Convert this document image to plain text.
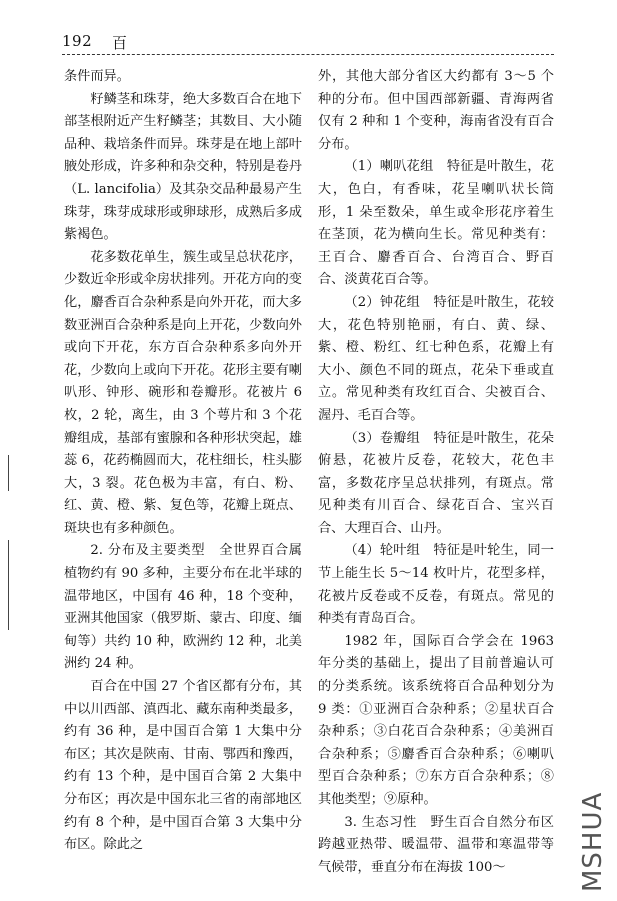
192 百

条件而异。

籽鳞茎和珠芽，绝大多数百合在地下部茎根附近产生籽鳞茎；其数目、大小随品种、栽培条件而异。珠芽是在地上部叶腋处形成，许多种和杂交种，特别是卷丹（L. lancifolia）及其杂交品种最易产生珠芽，珠芽成球形或卵球形，成熟后多成紫褐色。

花多数花单生，簇生或呈总状花序，少数近伞形或伞房状排列。开花方向的变化，麝香百合杂种系是向外开花，而大多数亚洲百合杂种系是向上开花，少数向外或向下开花，东方百合杂种系多向外开花，少数向上或向下开花。花形主要有喇叭形、钟形、碗形和卷瓣形。花被片 6 枚，2 轮，离生，由 3 个萼片和 3 个花瓣组成，基部有蜜腺和各种形状突起，雄蕊 6，花药椭圆而大，花柱细长，柱头膨大，3 裂。花色极为丰富，有白、粉、红、黄、橙、紫、复色等，花瓣上斑点、斑块也有多种颜色。

2. 分布及主要类型　全世界百合属植物约有 90 多种，主要分布在北半球的温带地区，中国有 46 种，18 个变种，亚洲其他国家（俄罗斯、蒙古、印度、缅甸等）共约 10 种，欧洲约 12 种，北美洲约 24 种。

百合在中国 27 个省区都有分布，其中以川西部、滇西北、藏东南种类最多，约有 36 种，是中国百合第 1 大集中分布区；其次是陕南、甘南、鄂西和豫西，约有 13 个种，是中国百合第 2 大集中分布区；再次是中国东北三省的南部地区约有 8 个种，是中国百合第 3 大集中分布区。除此之

外，其他大部分省区大约都有 3～5 个种的分布。但中国西部新疆、青海两省仅有 2 种和 1 个变种，海南省没有百合分布。

（1）喇叭花组　特征是叶散生，花大，色白，有香味，花呈喇叭状长筒形，1 朵至数朵，单生或伞形花序着生在茎顶，花为横向生长。常见种类有：王百合、麝香百合、台湾百合、野百合、淡黄花百合等。

（2）钟花组　特征是叶散生，花较大，花色特别艳丽，有白、黄、绿、紫、橙、粉红、红七种色系，花瓣上有大小、颜色不同的斑点，花朵下垂或直立。常见种类有玫红百合、尖被百合、渥丹、毛百合等。

（3）卷瓣组　特征是叶散生，花朵俯悬，花被片反卷，花较大，花色丰富，多数花序呈总状排列，有斑点。常见种类有川百合、绿花百合、宝兴百合、大理百合、山丹。

（4）轮叶组　特征是叶轮生，同一节上能生长 5～14 枚叶片，花型多样，花被片反卷或不反卷，有斑点。常见的种类有青岛百合。

1982 年，国际百合学会在 1963 年分类的基础上，提出了目前普遍认可的分类系统。该系统将百合品种划分为 9 类：①亚洲百合杂种系；②星状百合杂种系；③白花百合杂种系；④美洲百合杂种系；⑤麝香百合杂种系；⑥喇叭型百合杂种系；⑦东方百合杂种系；⑧其他类型；⑨原种。

3. 生态习性　野生百合自然分布区跨越亚热带、暖温带、温带和寒温带等气候带，垂直分布在海拔 100～	MSHUA
